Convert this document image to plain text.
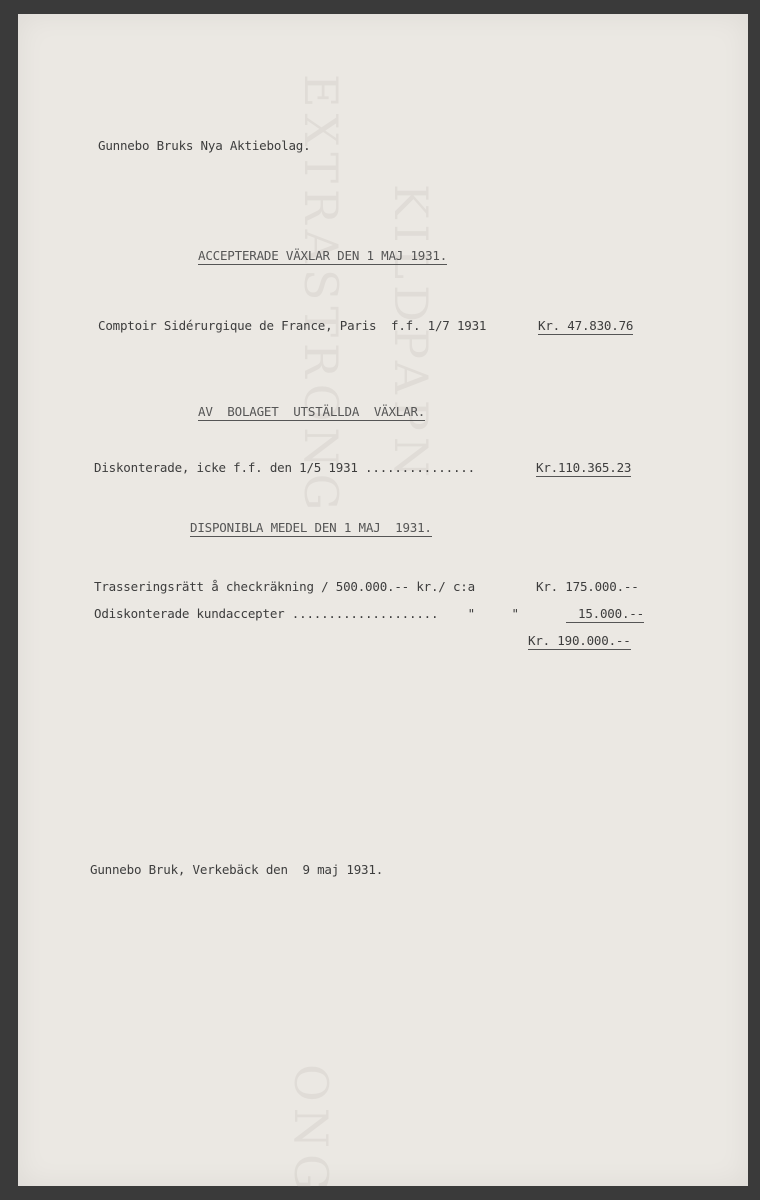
EXTRASTRONG KILDPAPN
ONG
Gunnebo Bruks Nya Aktiebolag.
ACCEPTERADE VÄXLAR DEN 1 MAJ 1931.
Comptoir Sidérurgique de France, Paris  f.f. 1/7 1931	Kr. 47.830.76
AV  BOLAGET  UTSTÄLLDA  VÄXLAR.
Diskonterade, icke f.f. den 1/5 1931 ...............	Kr.110.365.23
DISPONIBLA MEDEL DEN 1 MAJ  1931.
Trasseringsrätt å checkräkning / 500.000.-- kr./ c:a	Kr. 175.000.--
Odiskonterade kundaccepter ....................    "     "	15.000.--
Kr. 190.000.--
Gunnebo Bruk, Verkebäck den  9 maj 1931.
